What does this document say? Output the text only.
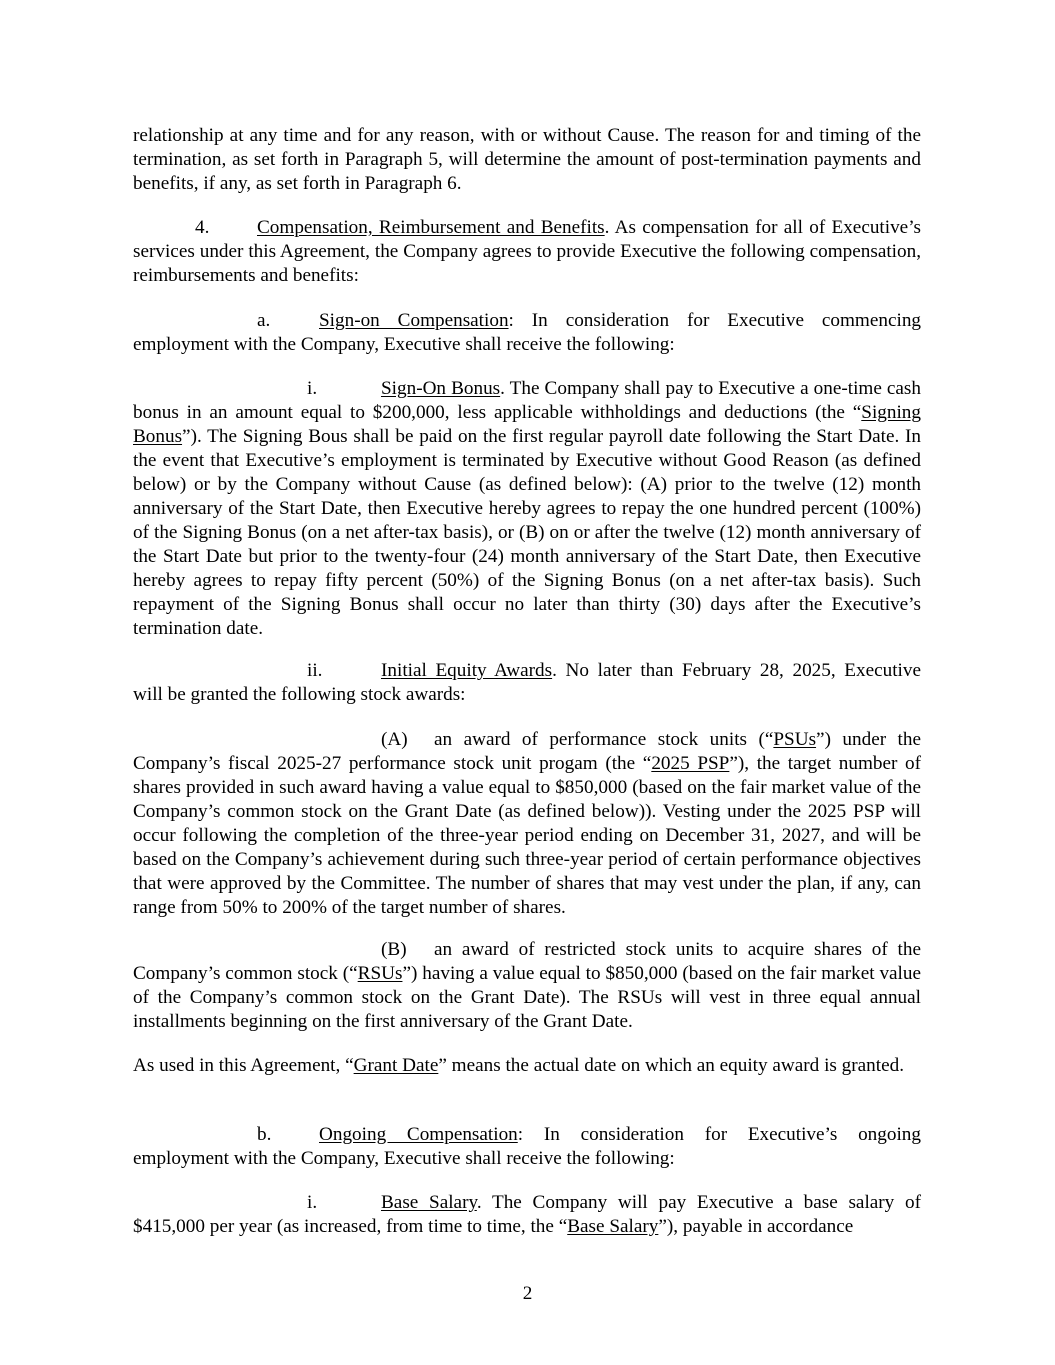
relationship at any time and for any reason, with or without Cause. The reason for and timing of the termination, as set forth in Paragraph 5, will determine the amount of post-termination payments and benefits, if any, as set forth in Paragraph 6.

4. Compensation, Reimbursement and Benefits. As compensation for all of Executive’s services under this Agreement, the Company agrees to provide Executive the following compensation, reimbursements and benefits:

a.	Sign-on Compensation: In consideration for Executive commencing employment with the Company, Executive shall receive the following:

i.	Sign-On Bonus. The Company shall pay to Executive a one-time cash bonus in an amount equal to $200,000, less applicable withholdings and deductions (the “Signing Bonus”). The Signing Bous shall be paid on the first regular payroll date following the Start Date. In the event that Executive’s employment is terminated by Executive without Good Reason (as defined below) or by the Company without Cause (as defined below): (A) prior to the twelve (12) month anniversary of the Start Date, then Executive hereby agrees to repay the one hundred percent (100%) of the Signing Bonus (on a net after-tax basis), or (B) on or after the twelve (12) month anniversary of the Start Date but prior to the twenty-four (24) month anniversary of the Start Date, then Executive hereby agrees to repay fifty percent (50%) of the Signing Bonus (on a net after-tax basis). Such repayment of the Signing Bonus shall occur no later than thirty (30) days after the Executive’s termination date.

ii.	Initial Equity Awards. No later than February 28, 2025, Executive will be granted the following stock awards:

(A) an award of performance stock units (“PSUs”) under the Company’s fiscal 2025-27 performance stock unit progam (the “2025 PSP”), the target number of shares provided in such award having a value equal to $850,000 (based on the fair market value of the Company’s common stock on the Grant Date (as defined below)). Vesting under the 2025 PSP will occur following the completion of the three-year period ending on December 31, 2027, and will be based on the Company’s achievement during such three-year period of certain performance objectives that were approved by the Committee. The number of shares that may vest under the plan, if any, can range from 50% to 200% of the target number of shares.

(B) an award of restricted stock units to acquire shares of the Company’s common stock (“RSUs”) having a value equal to $850,000 (based on the fair market value of the Company’s common stock on the Grant Date). The RSUs will vest in three equal annual installments beginning on the first anniversary of the Grant Date.

As used in this Agreement, “Grant Date” means the actual date on which an equity award is granted.

b. Ongoing Compensation: In consideration for Executive’s ongoing employment with the Company, Executive shall receive the following:

i.	Base Salary. The Company will pay Executive a base salary of $415,000 per year (as increased, from time to time, the “Base Salary”), payable in accordance

2
